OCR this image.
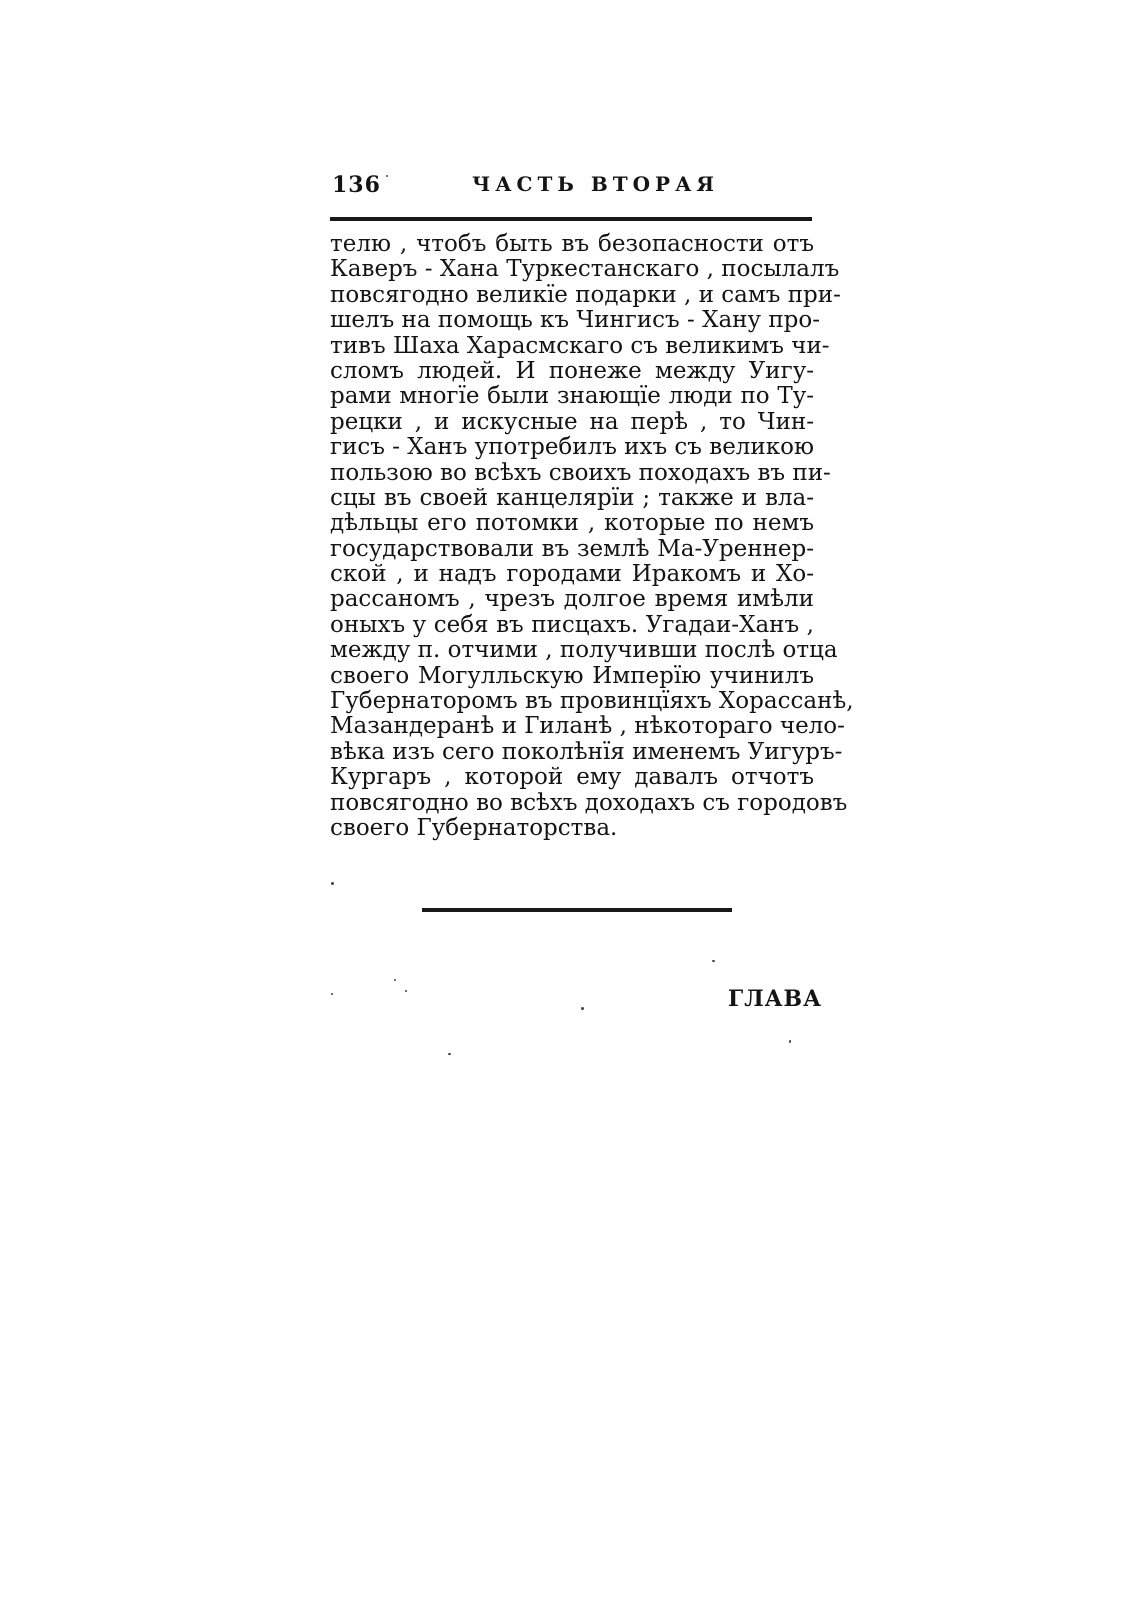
136	ЧАСТЬ ВТОРАЯ
телю , чтобъ быть въ безопасности отъ
Каверъ - Хана Туркестанскаго , посылалъ
повсягодно великїе подарки , и самъ при-
шелъ на помощь къ Чингисъ - Хану про-
тивъ Шаха Харасмскаго съ великимъ чи-
сломъ людей. И понеже между Уигу-
рами многїе были знающїе люди по Ту-
рецки , и искусные на перѣ , то Чин-
гисъ - Ханъ употребилъ ихъ съ великою
пользою во всѣхъ своихъ походахъ въ пи-
сцы въ своей канцелярїи ; также и вла-
дѣльцы его потомки , которые по немъ
государствовали въ землѣ Ма-Уреннер-
ской , и надъ городами Иракомъ и Хо-
рассаномъ , чрезъ долгое время имѣли
оныхъ у себя въ писцахъ. Угадаи-Ханъ ,
между п. отчими , получивши послѣ отца
своего Могулльскую Имперїю учинилъ
Губернаторомъ въ провинцїяхъ Хорассанѣ,
Мазандеранѣ и Гиланѣ , нѣкотораго чело-
вѣка изъ сего поколѣнїя именемъ Уигуръ-
Кургаръ , которой ему давалъ отчотъ
повсягодно во всѣхъ доходахъ съ городовъ
своего Губернаторства.
ГЛАВА
